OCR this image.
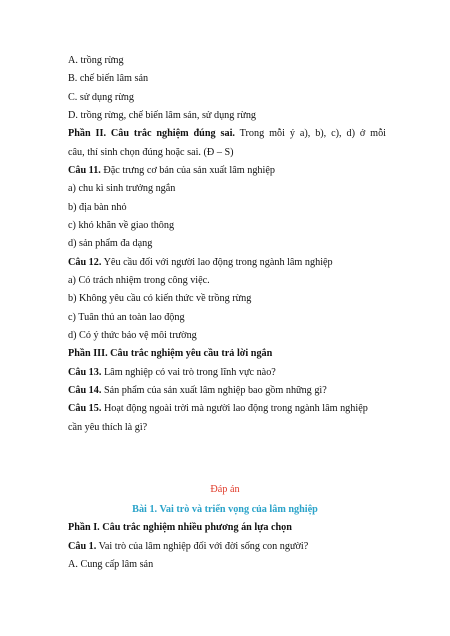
A. trồng rừng
B. chế biến lâm sản
C. sử dụng rừng
D. trồng rừng, chế biến lâm sản, sử dụng rừng
Phần II. Câu trắc nghiệm đúng sai. Trong mỗi ý a), b), c), d) ở mỗi
câu, thí sinh chọn đúng hoặc sai. (Đ – S)
Câu 11. Đặc trưng cơ bản của sản xuất lâm nghiệp
a) chu kì sinh trưởng ngắn
b) địa bàn nhỏ
c) khó khăn về giao thông
d) sản phẩm đa dạng
Câu 12. Yêu cầu đối với người lao động trong ngành lâm nghiệp
a) Có trách nhiệm trong công việc.
b) Không yêu cầu có kiến thức về trồng rừng
c) Tuân thủ an toàn lao động
d) Có ý thức bảo vệ môi trường
Phần III. Câu trắc nghiệm yêu cầu trả lời ngắn
Câu 13. Lâm nghiệp có vai trò trong lĩnh vực nào?
Câu 14. Sản phẩm của sản xuất lâm nghiệp bao gồm những gì?
Câu 15. Hoạt động ngoài trời mà người lao động trong ngành lâm nghiệp
cần yêu thích là gì?
Đáp án
Bài 1. Vai trò và triển vọng của lâm nghiệp
Phần I. Câu trắc nghiệm nhiều phương án lựa chọn
Câu 1. Vai trò của lâm nghiệp đối với đời sống con người?
A. Cung cấp lâm sản
